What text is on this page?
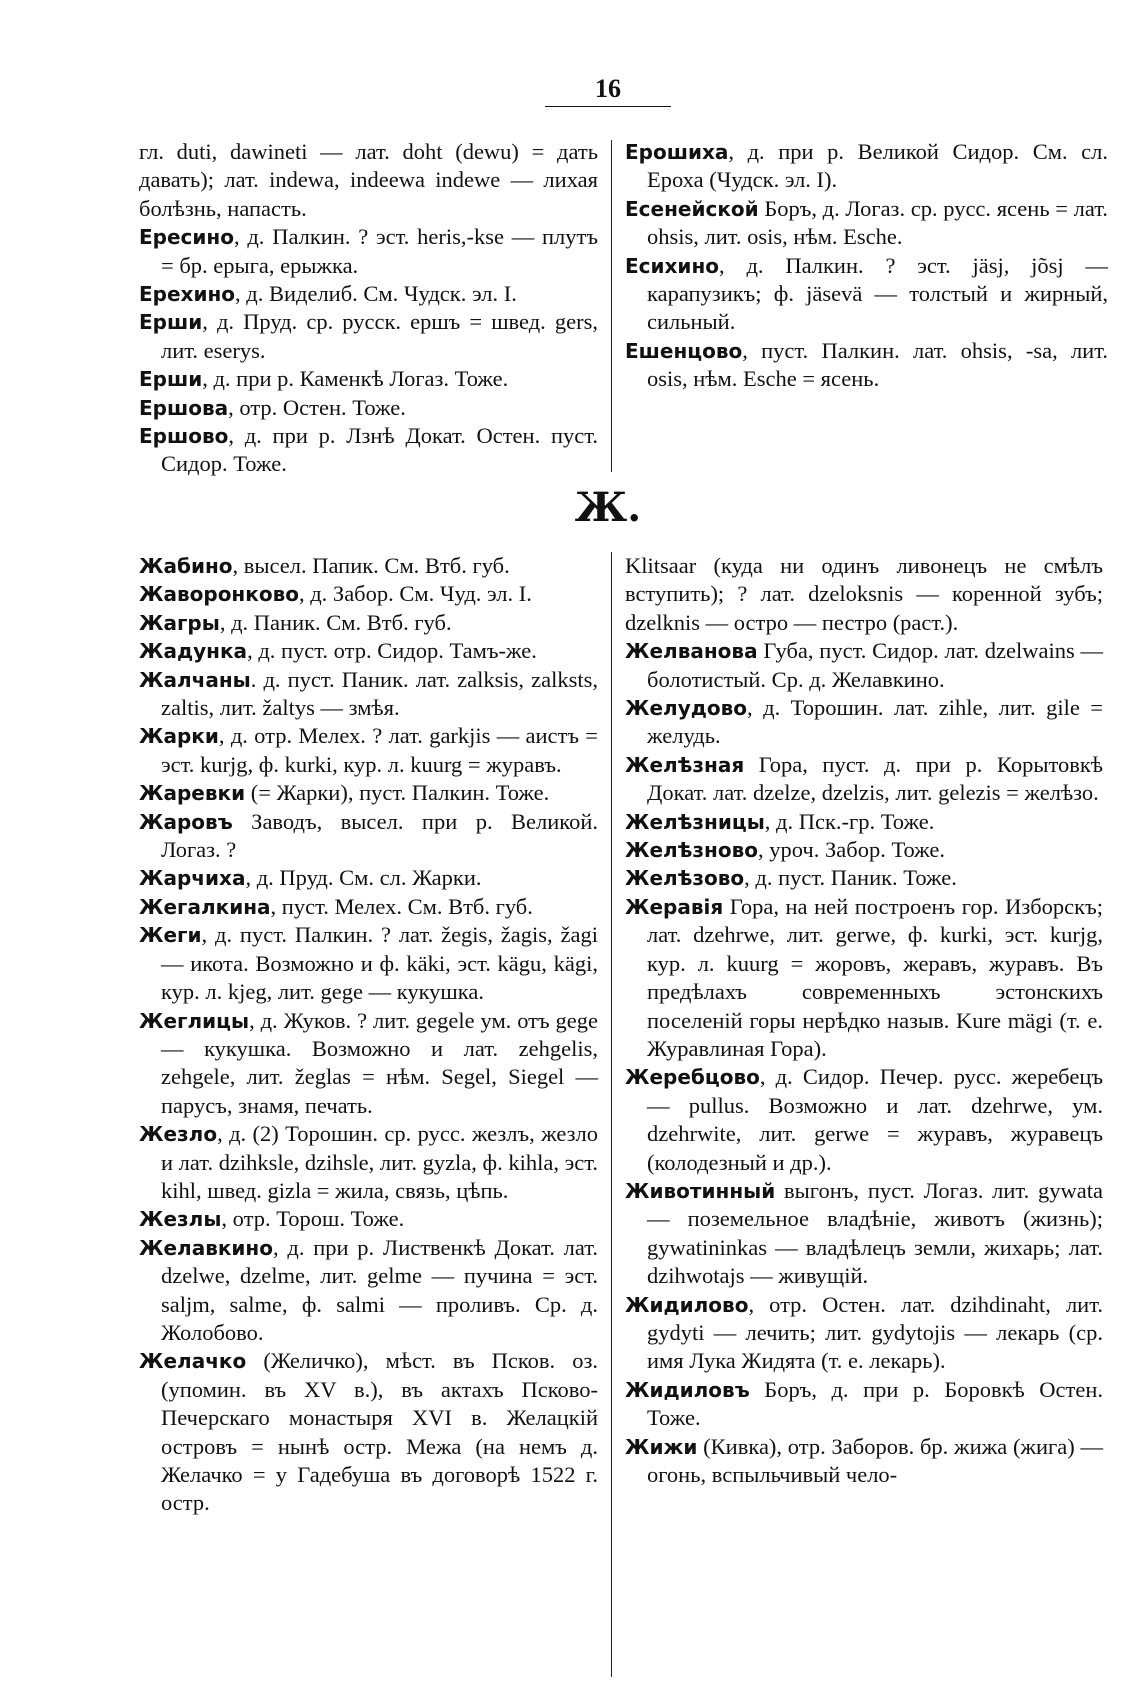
16

гл. duti, dawineti — лат. doht (dewu) = дать давать); лат. indewa, indeewa indewe — лихая болѣзнь, напасть.

Ересино, д. Палкин. ? эст. heris,-kse — плутъ = бр. ерыга, ерыжка.

Ерехино, д. Виделиб. См. Чудск. эл. I.

Ерши, д. Пруд. ср. русск. ершъ = швед. gers, лит. eserys.

Ерши, д. при р. Каменкѣ Логаз. Тоже.

Ершова, отр. Остен. Тоже.

Ершово, д. при р. Лзнѣ Докат. Остен. пуст. Сидор. Тоже.

Ерошиха, д. при р. Великой Сидор. См. сл. Ероха (Чудск. эл. I).

Есенейской Боръ, д. Логаз. ср. русс. ясень = лат. ohsis, лит. osis, нѣм. Esche.

Есихино, д. Палкин. ? эст. jäsj, jõsj — карапузикъ; ф. jäsevä — толстый и жирный, сильный.

Ешенцово, пуст. Палкин. лат. ohsis, -sa, лит. osis, нѣм. Esche = ясень.

Ж.

Жабино, высел. Папик. См. Втб. губ.

Жаворонково, д. Забор. См. Чуд. эл. I.

Жагры, д. Паник. См. Втб. губ.

Жадунка, д. пуст. отр. Сидор. Тамъ-же.

Жалчаны. д. пуст. Паник. лат. zalksis, zalksts, zaltis, лит. žaltys — змѣя.

Жарки, д. отр. Мелех. ? лат. garkjis — аистъ = эст. kurjg, ф. kurki, кур. л. kuurg = журавъ.

Жаревки (= Жарки), пуст. Палкин. Тоже.

Жаровъ Заводъ, высел. при р. Великой. Логаз. ?

Жарчиха, д. Пруд. См. сл. Жарки.

Жегалкина, пуст. Мелех. См. Втб. губ.

Жеги, д. пуст. Палкин. ? лат. žegis, žagis, žagi — икота. Возможно и ф. käki, эст. kägu, kägi, кур. л. kjeg, лит. gege — кукушка.

Жеглицы, д. Жуков. ? лит. gegele ум. отъ gege — кукушка. Возможно и лат. zehgelis, zehgele, лит. žeglas = нѣм. Segel, Siegel — парусъ, знамя, печать.

Жезло, д. (2) Торошин. ср. русс. жезлъ, жезло и лат. dzihksle, dzihsle, лит. gyzla, ф. kihla, эст. kihl, швед. gizla = жила, связь, цѣпь.

Жезлы, отр. Торош. Тоже.

Желавкино, д. при р. Лиственкѣ Докат. лат. dzelwe, dzelme, лит. gelme — пучина = эст. saljm, salme, ф. salmi — проливъ. Ср. д. Жолобово.

Желачко (Желичко), мѣст. въ Псков. оз. (упомин. въ XV в.), въ актахъ Псково-Печерскаго монастыря XVI в. Желацкій островъ = нынѣ остр. Межа (на немъ д. Желачко = у Гадебуша въ договорѣ 1522 г. остр.

Klitsaar (куда ни одинъ ливонецъ не смѣлъ вступить); ? лат. dzeloksnis — коренной зубъ; dzelknis — остро — пестро (раст.).

Желванова Губа, пуст. Сидор. лат. dzelwains — болотистый. Ср. д. Желавкино.

Желудово, д. Торошин. лат. zihle, лит. gile = желудь.

Желѣзная Гора, пуст. д. при р. Корытовкѣ Докат. лат. dzelze, dzelzis, лит. gelezis = желѣзо.

Желѣзницы, д. Пск.-гр. Тоже.

Желѣзново, уроч. Забор. Тоже.

Желѣзово, д. пуст. Паник. Тоже.

Жеравія Гора, на ней построенъ гор. Изборскъ; лат. dzehrwe, лит. gerwe, ф. kurki, эст. kurjg, кур. л. kuurg = жоровъ, жеравъ, журавъ. Въ предѣлахъ современныхъ эстонскихъ поселеній горы нерѣдко назыв. Kure mägi (т. е. Журавлиная Гора).

Жеребцово, д. Сидор. Печер. русс. жеребецъ — pullus. Возможно и лат. dzehrwe, ум. dzehrwite, лит. gerwe = журавъ, журавецъ (колодезный и др.).

Животинный выгонъ, пуст. Логаз. лит. gywata — поземельное владѣніе, животъ (жизнь); gywatininkas — владѣлецъ земли, жихарь; лат. dzihwotajs — живущій.

Жидилово, отр. Остен. лат. dzihdinaht, лит. gydyti — лечить; лит. gydytojis — лекарь (ср. имя Лука Жидята (т. е. лекарь).

Жидиловъ Боръ, д. при р. Боровкѣ Остен. Тоже.

Жижи (Кивка), отр. Заборов. бр. жижа (жига) — огонь, вспыльчивый чело-
